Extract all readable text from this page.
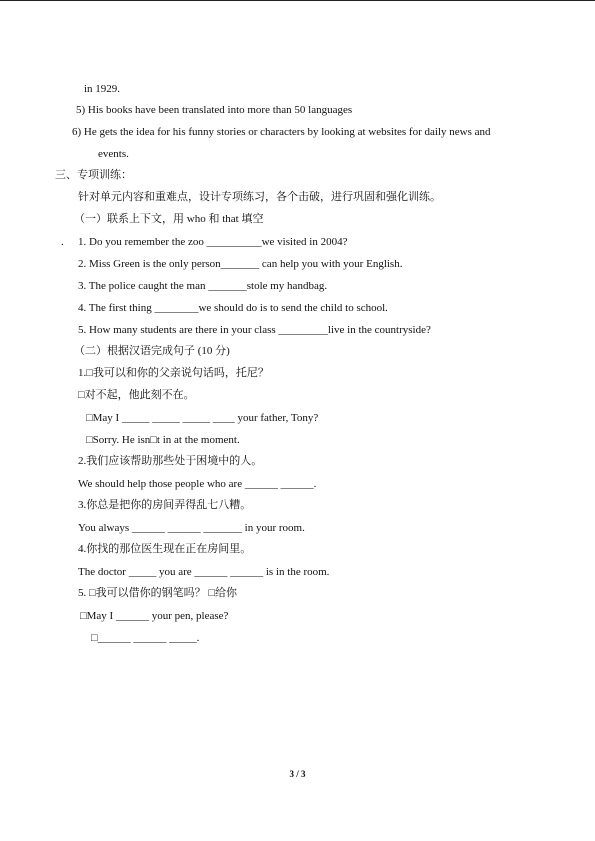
in 1929.
5) His books have been translated into more than 50 languages
6) He gets the idea for his funny stories or characters by looking at websites for daily news and
events.
三、专项训练：
针对单元内容和重难点，设计专项练习，各个击破，进行巩固和强化训练。
（一）联系上下文，用 who 和 that 填空
. 1. Do you remember the zoo __________we visited in 2004?
2. Miss Green is the only person_______ can help you with your English.
3. The police caught the man _______stole my handbag.
4. The first thing ________we should do is to send the child to school.
5. How many students are there in your class _________live in the countryside?
（二）根据汉语完成句子 (10 分)
1.□我可以和你的父亲说句话吗，托尼？
□对不起，他此刻不在。
□May I _____ _____ _____ ____ your father, Tony?
□Sorry. He isn□t in at the moment.
2.我们应该帮助那些处于困境中的人。
We should help those people who are ______ ______.
3.你总是把你的房间弄得乱七八糟。
You always ______ ______ _______ in your room.
4.你找的那位医生现在正在房间里。
The doctor _____ you are ______ ______ is in the room.
5. □我可以借你的钢笔吗？ □给你
□May I ______ your pen, please?
□______ ______ _____.
3 / 3
